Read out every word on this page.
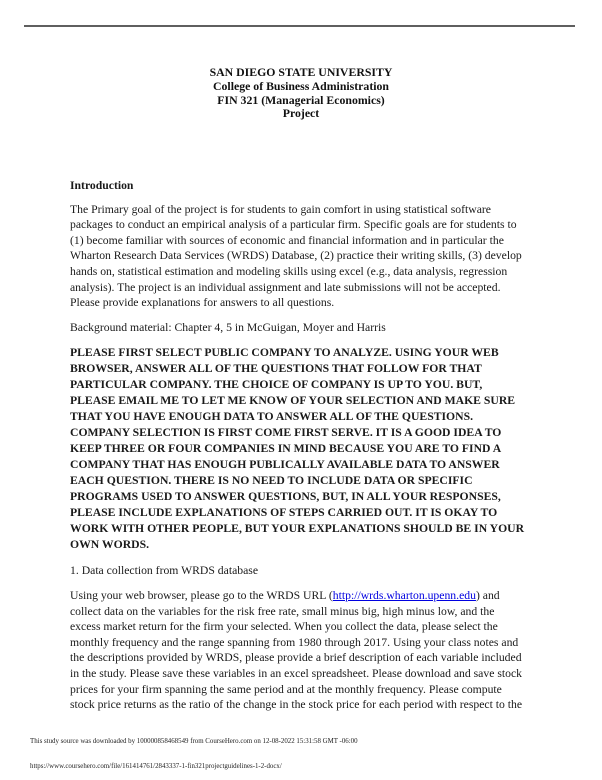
SAN DIEGO STATE UNIVERSITY
College of Business Administration
FIN 321 (Managerial Economics)
Project
Introduction

The Primary goal of the project is for students to gain comfort in using statistical software
packages to conduct an empirical analysis of a particular firm. Specific goals are for students to
(1) become familiar with sources of economic and financial information and in particular the
Wharton Research Data Services (WRDS) Database, (2) practice their writing skills, (3) develop
hands on, statistical estimation and modeling skills using excel (e.g., data analysis, regression
analysis). The project is an individual assignment and late submissions will not be accepted.
Please provide explanations for answers to all questions.

Background material: Chapter 4, 5 in McGuigan, Moyer and Harris

PLEASE FIRST SELECT PUBLIC COMPANY TO ANALYZE. USING YOUR WEB
BROWSER, ANSWER ALL OF THE QUESTIONS THAT FOLLOW FOR THAT
PARTICULAR COMPANY. THE CHOICE OF COMPANY IS UP TO YOU. BUT,
PLEASE EMAIL ME TO LET ME KNOW OF YOUR SELECTION AND MAKE SURE
THAT YOU HAVE ENOUGH DATA TO ANSWER ALL OF THE QUESTIONS.
COMPANY SELECTION IS FIRST COME FIRST SERVE. IT IS A GOOD IDEA TO
KEEP THREE OR FOUR COMPANIES IN MIND BECAUSE YOU ARE TO FIND A
COMPANY THAT HAS ENOUGH PUBLICALLY AVAILABLE DATA TO ANSWER
EACH QUESTION. THERE IS NO NEED TO INCLUDE DATA OR SPECIFIC
PROGRAMS USED TO ANSWER QUESTIONS, BUT, IN ALL YOUR RESPONSES,
PLEASE INCLUDE EXPLANATIONS OF STEPS CARRIED OUT. IT IS OKAY TO
WORK WITH OTHER PEOPLE, BUT YOUR EXPLANATIONS SHOULD BE IN YOUR
OWN WORDS.

1. Data collection from WRDS database

Using your web browser, please go to the WRDS URL (http://wrds.wharton.upenn.edu) and
collect data on the variables for the risk free rate, small minus big, high minus low, and the
excess market return for the firm your selected. When you collect the data, please select the
monthly frequency and the range spanning from 1980 through 2017. Using your class notes and
the descriptions provided by WRDS, please provide a brief description of each variable included
in the study. Please save these variables in an excel spreadsheet. Please download and save stock
prices for your firm spanning the same period and at the monthly frequency. Please compute
stock price returns as the ratio of the change in the stock price for each period with respect to the

This study source was downloaded by 100000858468549 from CourseHero.com on 12-08-2022 15:31:58 GMT -06:00
https://www.coursehero.com/file/161414761/2843337-1-fin321projectguidelines-1-2-docx/
